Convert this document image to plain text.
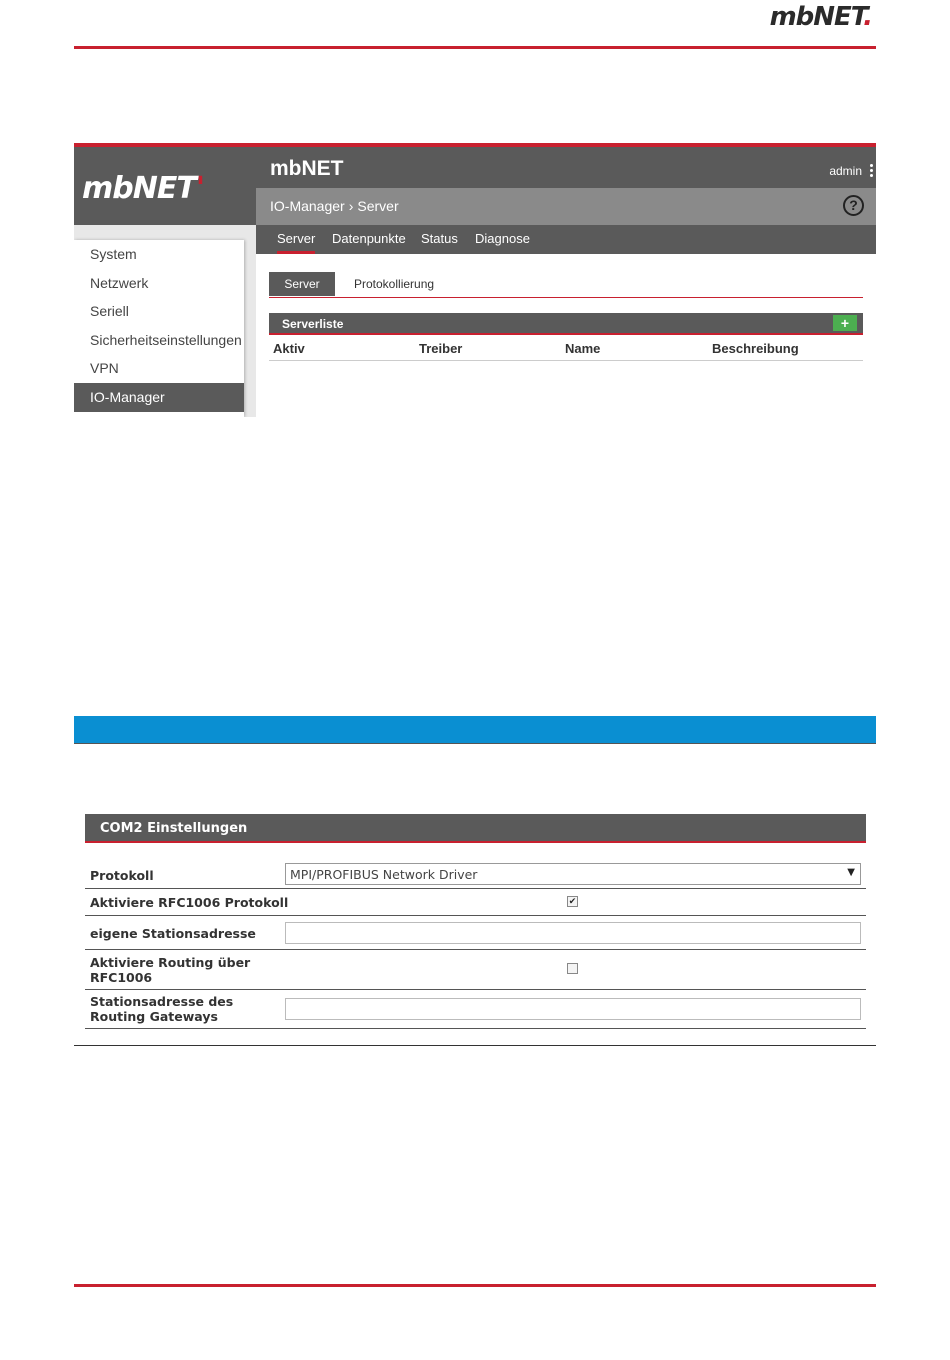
mbNET.
mbNET'
System
Netzwerk
Seriell
Sicherheitseinstellungen
VPN
IO-Manager
mbNET	admin
IO-Manager › Server	?
Server Datenpunkte Status Diagnose
Server	Protokollierung
Serverliste	+
Aktiv	Treiber	Name	Beschreibung
COM2 Einstellungen
Protokoll	MPI/PROFIBUS Network Driver	▼
Aktiviere RFC1006 Protokoll	✔
eigene Stationsadresse
Aktiviere Routing über RFC1006
Stationsadresse des Routing Gateways
